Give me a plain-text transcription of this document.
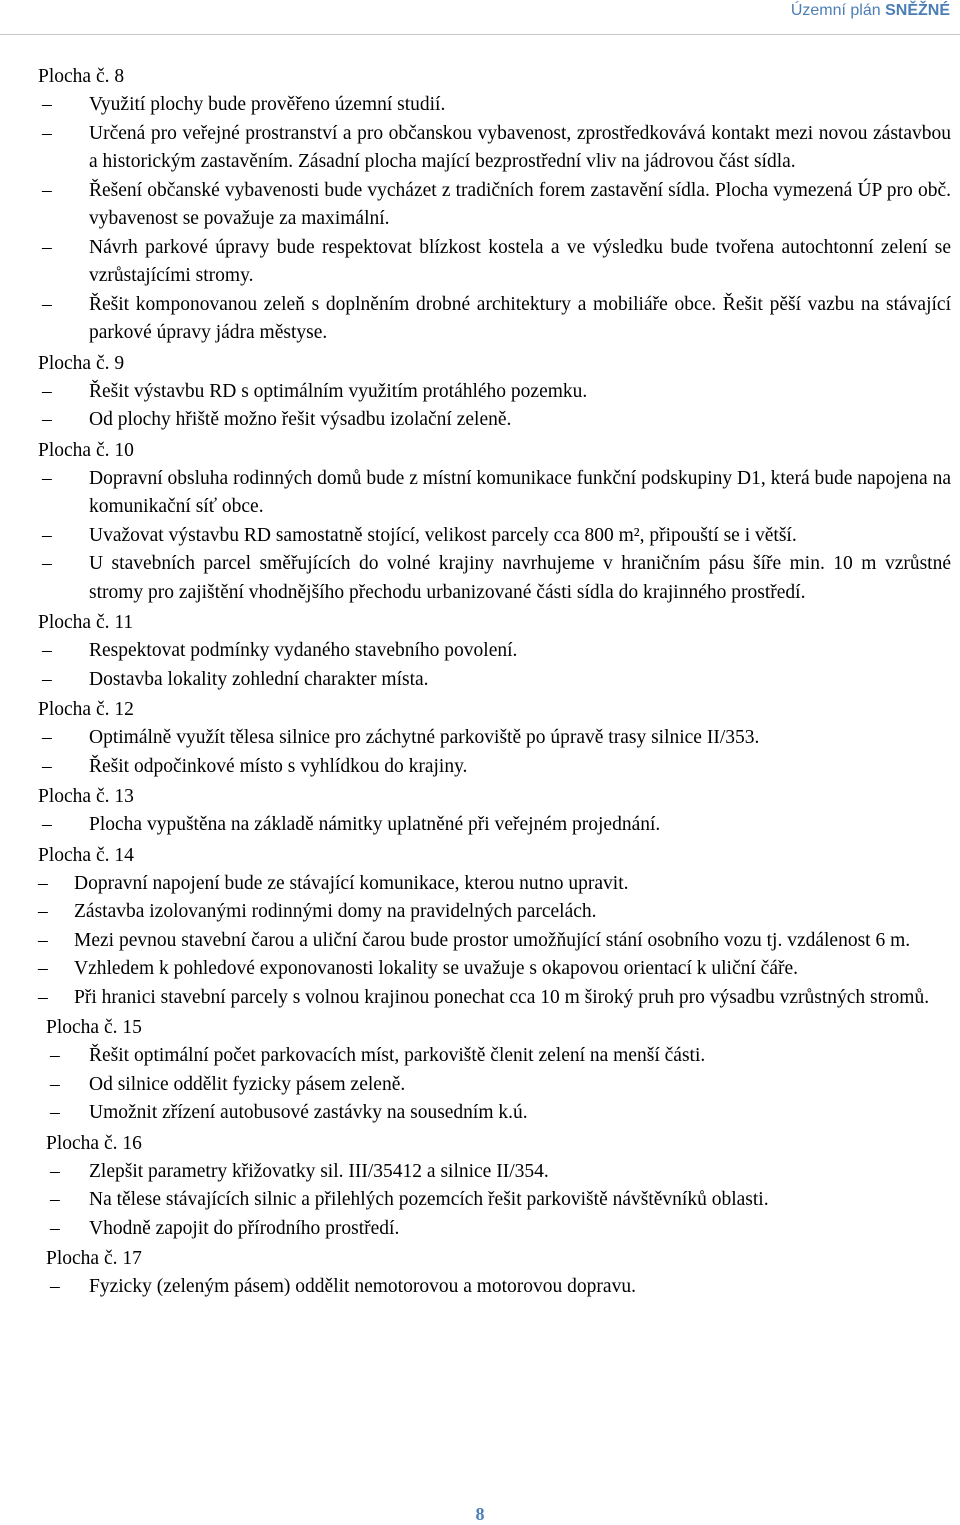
Územní plán SNĚŽNÉ
Plocha č. 8
– Využití plochy bude prověřeno územní studií.
– Určená pro veřejné prostranství a pro občanskou vybavenost, zprostředkovává kontakt mezi novou zástavbou a historickým zastavěním. Zásadní plocha mající bezprostřední vliv na jádrovou část sídla.
– Řešení občanské vybavenosti bude vycházet z tradičních forem zastavění sídla. Plocha vymezená ÚP pro obč. vybavenost se považuje za maximální.
– Návrh parkové úpravy bude respektovat blízkost kostela a ve výsledku bude tvořena autochtonní zelení se vzrůstajícími stromy.
– Řešit komponovanou zeleň s doplněním drobné architektury a mobiliáře obce. Řešit pěší vazbu na stávající parkové úpravy jádra městyse.
Plocha č. 9
– Řešit výstavbu RD s optimálním využitím protáhlého pozemku.
– Od plochy hřiště možno řešit výsadbu izolační zeleně.
Plocha č. 10
– Dopravní obsluha rodinných domů bude z místní komunikace funkční podskupiny D1, která bude napojena na komunikační síť obce.
– Uvažovat výstavbu RD samostatně stojící, velikost parcely cca 800 m², připouští se i větší.
– U stavebních parcel směřujících do volné krajiny navrhujeme v hraničním pásu šíře min. 10 m vzrůstné stromy pro zajištění vhodnějšího přechodu urbanizované části sídla do krajinného prostředí.
Plocha č. 11
– Respektovat podmínky vydaného stavebního povolení.
– Dostavba lokality zohlední charakter místa.
Plocha č. 12
– Optimálně využít tělesa silnice pro záchytné parkoviště po úpravě trasy silnice II/353.
– Řešit odpočinkové místo s vyhlídkou do krajiny.
Plocha č. 13
– Plocha vypuštěna na základě námitky uplatněné při veřejném projednání.
Plocha č. 14
– Dopravní napojení bude ze stávající komunikace, kterou nutno upravit.
– Zástavba izolovanými rodinnými domy na pravidelných parcelách.
– Mezi pevnou stavební čarou a uliční čarou bude prostor umožňující stání osobního vozu tj. vzdálenost 6 m.
– Vzhledem k pohledové exponovanosti lokality se uvažuje s okapovou orientací k uliční čáře.
– Při hranici stavební parcely s volnou krajinou ponechat cca 10 m široký pruh pro výsadbu vzrůstných stromů.
Plocha č. 15
– Řešit optimální počet parkovacích míst, parkoviště členit zelení na menší části.
– Od silnice oddělit fyzicky pásem zeleně.
– Umožnit zřízení autobusové zastávky na sousedním k.ú.
Plocha č. 16
– Zlepšit parametry křižovatky sil. III/35412 a silnice II/354.
– Na tělese stávajících silnic a přilehlých pozemcích řešit parkoviště návštěvníků oblasti.
– Vhodně zapojit do přírodního prostředí.
Plocha č. 17
– Fyzicky (zeleným pásem) oddělit nemotorovou a motorovou dopravu.
8
